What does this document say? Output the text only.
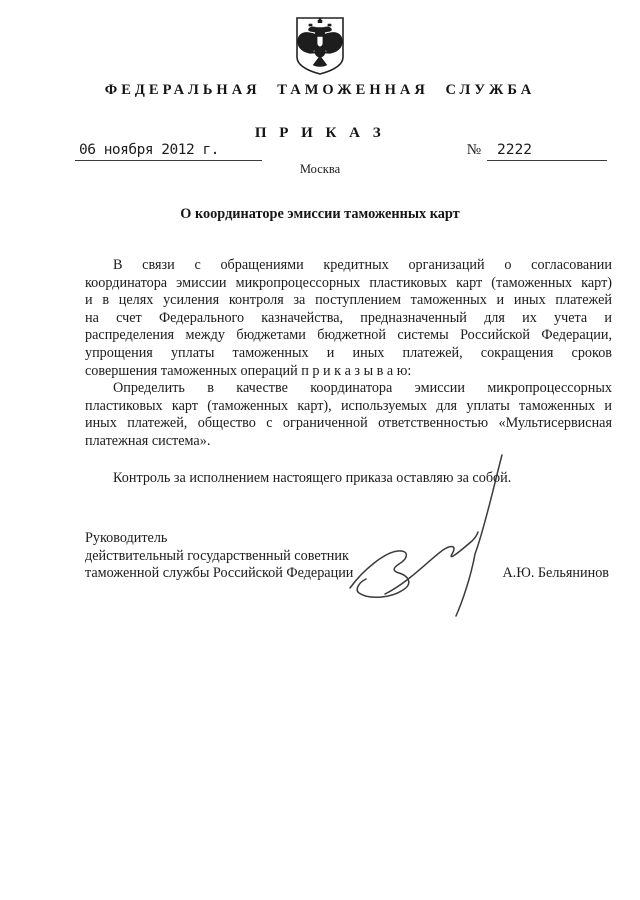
ФЕДЕРАЛЬНАЯ ТАМОЖЕННАЯ СЛУЖБА
П Р И К А З
06 ноября 2012 г.	№	2222
Москва
О координаторе эмиссии таможенных карт
В связи с обращениями кредитных организаций о согласовании
координатора эмиссии микропроцессорных пластиковых карт (таможенных карт)
и в целях усиления контроля за поступлением таможенных и иных платежей
на счет Федерального казначейства, предназначенный для их учета и
распределения между бюджетами бюджетной системы Российской Федерации,
упрощения уплаты таможенных и иных платежей, сокращения сроков
совершения таможенных операций п р и к а з ы в а ю:
Определить в качестве координатора эмиссии микропроцессорных
пластиковых карт (таможенных карт), используемых для уплаты таможенных и
иных платежей, общество с ограниченной ответственностью «Мультисервисная
платежная система».
Контроль за исполнением настоящего приказа оставляю за собой.
Руководитель
действительный государственный советник
таможенной службы Российской Федерации	А.Ю. Бельянинов
